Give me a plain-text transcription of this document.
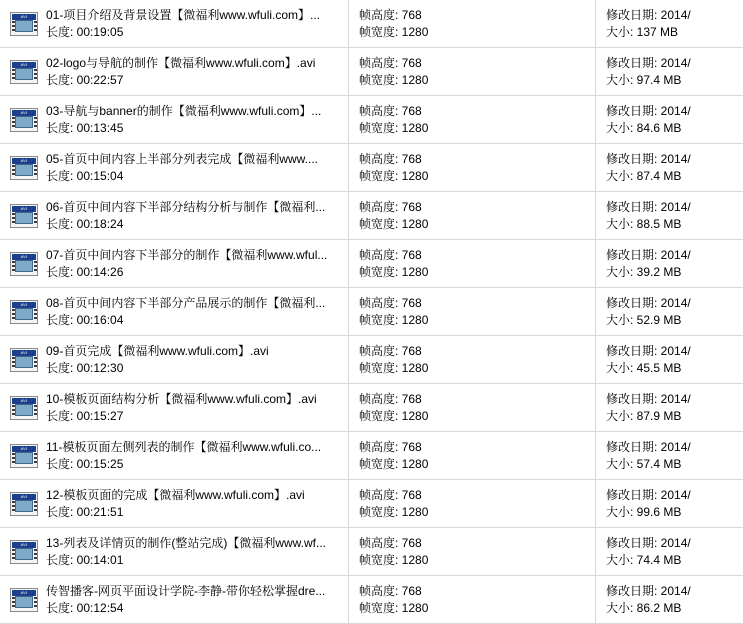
AVI	01-项目介绍及背景设置【微福利www.wfuli.com】...
长度: 00:19:05
帧高度: 768
帧宽度: 1280
修改日期: 2014/
大小: 137 MB
AVI	02-logo与导航的制作【微福利www.wfuli.com】.avi
长度: 00:22:57
帧高度: 768
帧宽度: 1280
修改日期: 2014/
大小: 97.4 MB
AVI	03-导航与banner的制作【微福利www.wfuli.com】...
长度: 00:13:45
帧高度: 768
帧宽度: 1280
修改日期: 2014/
大小: 84.6 MB
AVI	05-首页中间内容上半部分列表完成【微福利www....
长度: 00:15:04
帧高度: 768
帧宽度: 1280
修改日期: 2014/
大小: 87.4 MB
AVI	06-首页中间内容下半部分结构分析与制作【微福利...
长度: 00:18:24
帧高度: 768
帧宽度: 1280
修改日期: 2014/
大小: 88.5 MB
AVI	07-首页中间内容下半部分的制作【微福利www.wful...
长度: 00:14:26
帧高度: 768
帧宽度: 1280
修改日期: 2014/
大小: 39.2 MB
AVI	08-首页中间内容下半部分产品展示的制作【微福利...
长度: 00:16:04
帧高度: 768
帧宽度: 1280
修改日期: 2014/
大小: 52.9 MB
AVI	09-首页完成【微福利www.wfuli.com】.avi
长度: 00:12:30
帧高度: 768
帧宽度: 1280
修改日期: 2014/
大小: 45.5 MB
AVI	10-模板页面结构分析【微福利www.wfuli.com】.avi
长度: 00:15:27
帧高度: 768
帧宽度: 1280
修改日期: 2014/
大小: 87.9 MB
AVI	11-模板页面左侧列表的制作【微福利www.wfuli.co...
长度: 00:15:25
帧高度: 768
帧宽度: 1280
修改日期: 2014/
大小: 57.4 MB
AVI	12-模板页面的完成【微福利www.wfuli.com】.avi
长度: 00:21:51
帧高度: 768
帧宽度: 1280
修改日期: 2014/
大小: 99.6 MB
AVI	13-列表及详情页的制作(整站完成)【微福利www.wf...
长度: 00:14:01
帧高度: 768
帧宽度: 1280
修改日期: 2014/
大小: 74.4 MB
AVI	传智播客-网页平面设计学院-李静-带你轻松掌握dre...
长度: 00:12:54
帧高度: 768
帧宽度: 1280
修改日期: 2014/
大小: 86.2 MB
